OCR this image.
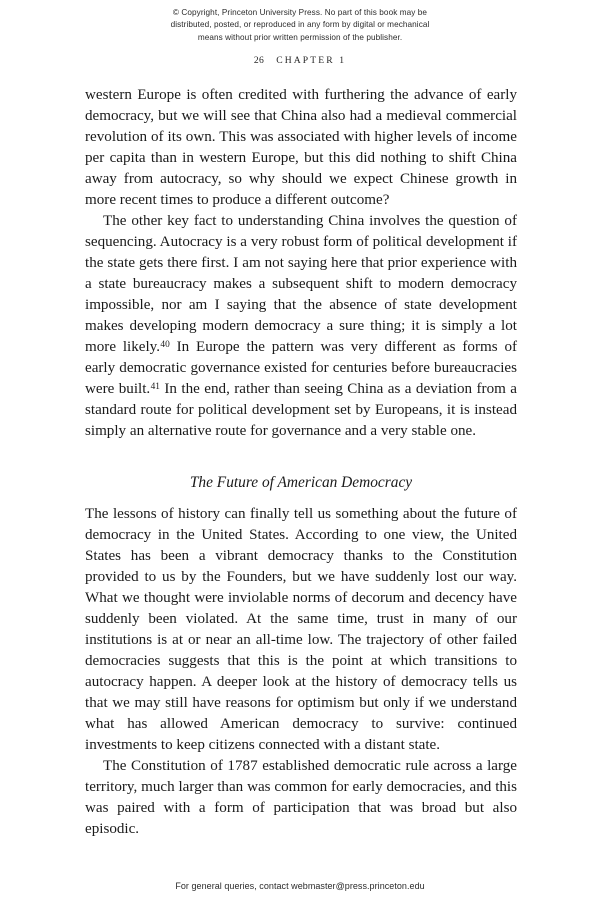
© Copyright, Princeton University Press. No part of this book may be
distributed, posted, or reproduced in any form by digital or mechanical
means without prior written permission of the publisher.
26 CHAPTER 1

western Europe is often credited with furthering the advance of early democracy, but we will see that China also had a medieval commercial revolution of its own. This was associated with higher levels of income per capita than in western Europe, but this did nothing to shift China away from autocracy, so why should we expect Chinese growth in more recent times to produce a different outcome?

The other key fact to understanding China involves the question of sequencing. Autocracy is a very robust form of political development if the state gets there first. I am not saying here that prior experience with a state bureaucracy makes a subsequent shift to modern democracy impossible, nor am I saying that the absence of state development makes developing modern democracy a sure thing; it is simply a lot more likely.$^{40}$ In Europe the pattern was very different as forms of early democratic governance existed for centuries before bureaucracies were built.$^{41}$ In the end, rather than seeing China as a deviation from a standard route for political development set by Europeans, it is instead simply an alternative route for governance and a very stable one.

The Future of American Democracy

The lessons of history can finally tell us something about the future of democracy in the United States. According to one view, the United States has been a vibrant democracy thanks to the Constitution provided to us by the Founders, but we have suddenly lost our way. What we thought were inviolable norms of decorum and decency have suddenly been violated. At the same time, trust in many of our institutions is at or near an all-time low. The trajectory of other failed democracies suggests that this is the point at which transitions to autocracy happen. A deeper look at the history of democracy tells us that we may still have reasons for optimism but only if we understand what has allowed American democracy to survive: continued investments to keep citizens connected with a distant state.

The Constitution of 1787 established democratic rule across a large territory, much larger than was common for early democracies, and this was paired with a form of participation that was broad but also episodic.

For general queries, contact webmaster@press.princeton.edu
